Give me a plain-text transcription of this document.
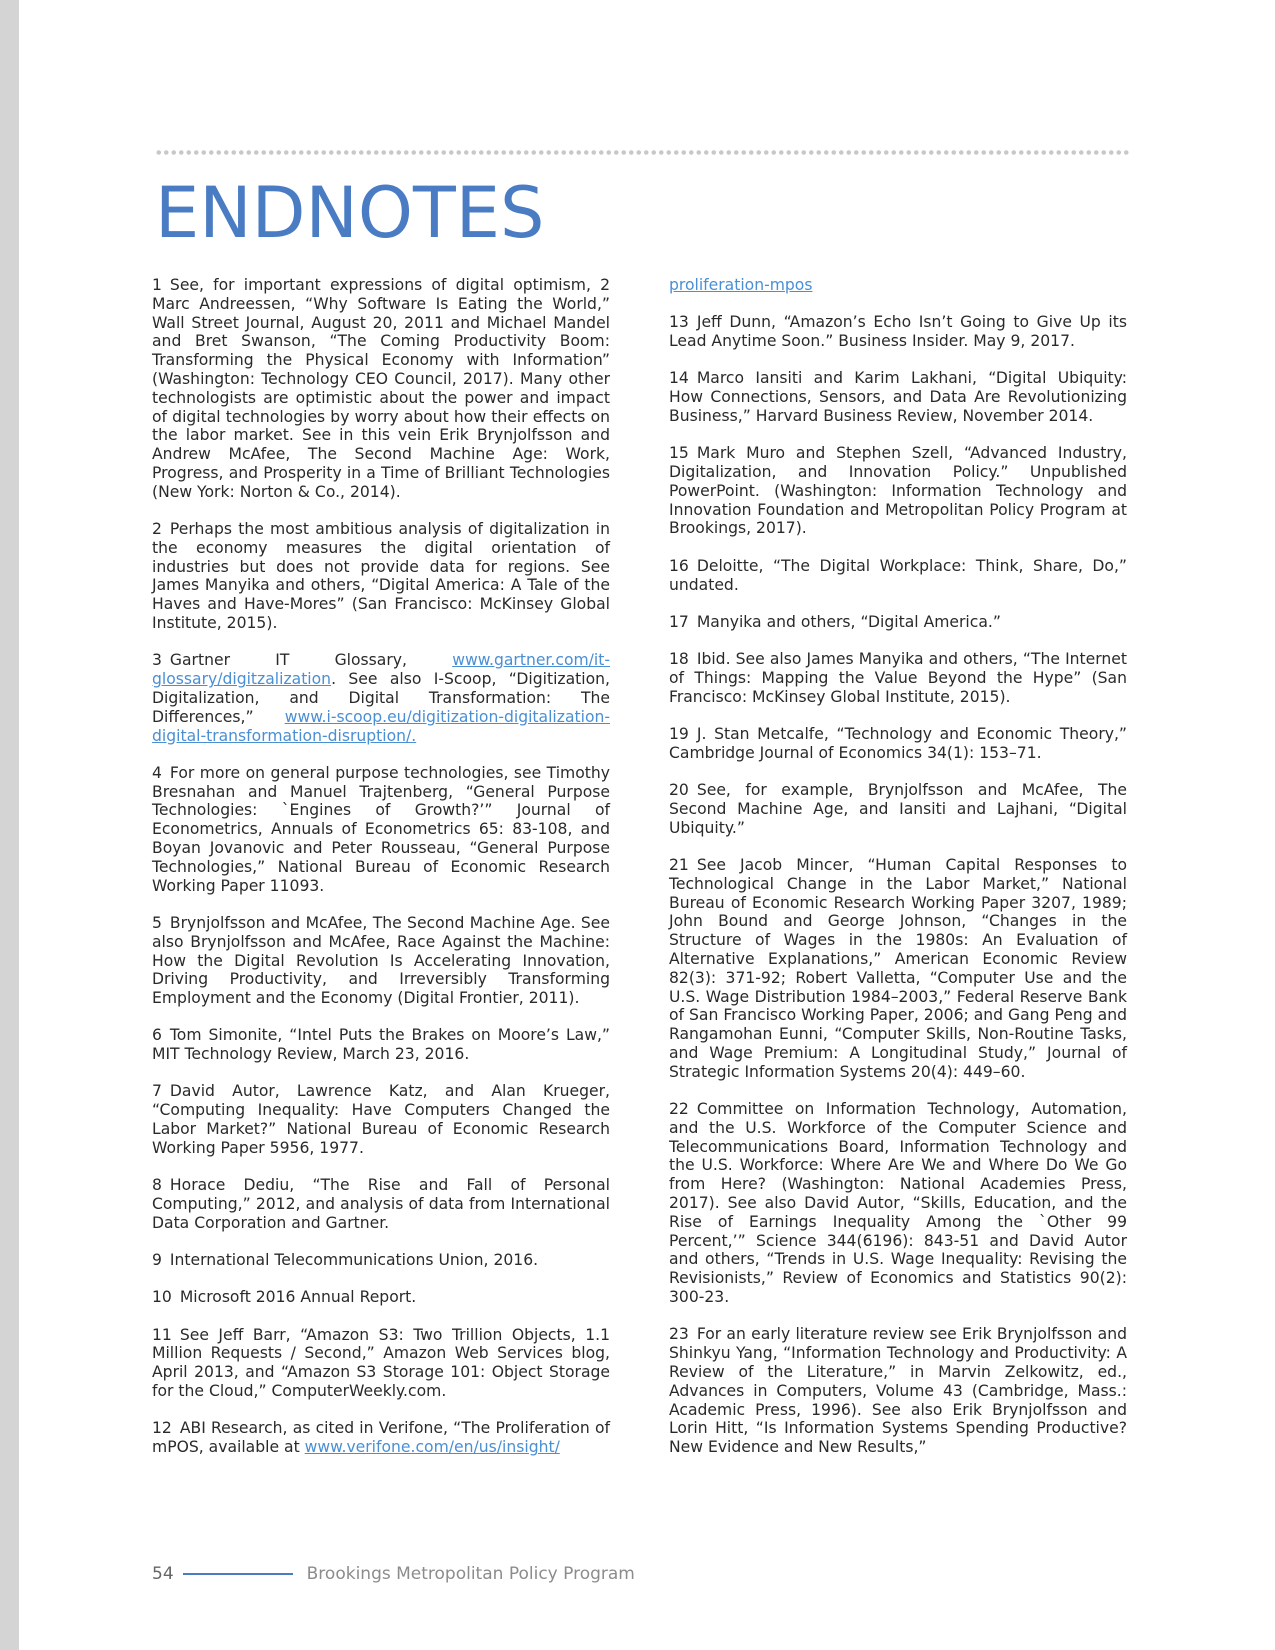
ENDNOTES

1 See, for important expressions of digital optimism, 2 Marc Andreessen, “Why Software Is Eating the World,” Wall Street Journal, August 20, 2011 and Michael Mandel and Bret Swanson, “The Coming Productivity Boom: Transforming the Physical Economy with Information” (Washington: Technology CEO Council, 2017). Many other technologists are optimistic about the power and impact of digital technologies by worry about how their effects on the labor market. See in this vein Erik Brynjolfsson and Andrew McAfee, The Second Machine Age: Work, Progress, and Prosperity in a Time of Brilliant Technologies (New York: Norton & Co., 2014).

2 Perhaps the most ambitious analysis of digitalization in the economy measures the digital orientation of industries but does not provide data for regions. See James Manyika and others, “Digital America: A Tale of the Haves and Have-Mores” (San Francisco: McKinsey Global Institute, 2015).

3 Gartner IT Glossary, www.gartner.com/it-glossary/digitzalization. See also I-Scoop, “Digitization, Digitalization, and Digital Transformation: The Differences,” www.i-scoop.eu/digitization-digitalization-digital-transformation-disruption/.

4 For more on general purpose technologies, see Timothy Bresnahan and Manuel Trajtenberg, “General Purpose Technologies: `Engines of Growth?’” Journal of Econometrics, Annuals of Econometrics 65: 83-108, and Boyan Jovanovic and Peter Rousseau, “General Purpose Technologies,” National Bureau of Economic Research Working Paper 11093.

5 Brynjolfsson and McAfee, The Second Machine Age. See also Brynjolfsson and McAfee, Race Against the Machine: How the Digital Revolution Is Accelerating Innovation, Driving Productivity, and Irreversibly Transforming Employment and the Economy (Digital Frontier, 2011).

6 Tom Simonite, “Intel Puts the Brakes on Moore’s Law,” MIT Technology Review, March 23, 2016.

7 David Autor, Lawrence Katz, and Alan Krueger, “Computing Inequality: Have Computers Changed the Labor Market?” National Bureau of Economic Research Working Paper 5956, 1977.

8 Horace Dediu, “The Rise and Fall of Personal Computing,” 2012, and analysis of data from International Data Corporation and Gartner.

9 International Telecommunications Union, 2016.

10 Microsoft 2016 Annual Report.

11 See Jeff Barr, “Amazon S3: Two Trillion Objects, 1.1 Million Requests / Second,” Amazon Web Services blog, April 2013, and “Amazon S3 Storage 101: Object Storage for the Cloud,” ComputerWeekly.com.

12 ABI Research, as cited in Verifone, “The Proliferation of mPOS, available at www.verifone.com/en/us/insight/

proliferation-mpos

13 Jeff Dunn, “Amazon’s Echo Isn’t Going to Give Up its Lead Anytime Soon.” Business Insider. May 9, 2017.

14 Marco Iansiti and Karim Lakhani, “Digital Ubiquity: How Connections, Sensors, and Data Are Revolutionizing Business,” Harvard Business Review, November 2014.

15 Mark Muro and Stephen Szell, “Advanced Industry, Digitalization, and Innovation Policy.” Unpublished PowerPoint. (Washington: Information Technology and Innovation Foundation and Metropolitan Policy Program at Brookings, 2017).

16 Deloitte, “The Digital Workplace: Think, Share, Do,” undated.

17 Manyika and others, “Digital America.”

18 Ibid. See also James Manyika and others, “The Internet of Things: Mapping the Value Beyond the Hype” (San Francisco: McKinsey Global Institute, 2015).

19 J. Stan Metcalfe, “Technology and Economic Theory,” Cambridge Journal of Economics 34(1): 153–71.

20 See, for example, Brynjolfsson and McAfee, The Second Machine Age, and Iansiti and Lajhani, “Digital Ubiquity.”

21 See Jacob Mincer, “Human Capital Responses to Technological Change in the Labor Market,” National Bureau of Economic Research Working Paper 3207, 1989; John Bound and George Johnson, “Changes in the Structure of Wages in the 1980s: An Evaluation of Alternative Explanations,” American Economic Review 82(3): 371-92; Robert Valletta, “Computer Use and the U.S. Wage Distribution 1984–2003,” Federal Reserve Bank of San Francisco Working Paper, 2006; and Gang Peng and Rangamohan Eunni, “Computer Skills, Non-Routine Tasks, and Wage Premium: A Longitudinal Study,” Journal of Strategic Information Systems 20(4): 449–60.

22 Committee on Information Technology, Automation, and the U.S. Workforce of the Computer Science and Telecommunications Board, Information Technology and the U.S. Workforce: Where Are We and Where Do We Go from Here? (Washington: National Academies Press, 2017). See also David Autor, “Skills, Education, and the Rise of Earnings Inequality Among the `Other 99 Percent,’” Science 344(6196): 843-51 and David Autor and others, “Trends in U.S. Wage Inequality: Revising the Revisionists,” Review of Economics and Statistics 90(2): 300-23.

23 For an early literature review see Erik Brynjolfsson and Shinkyu Yang, “Information Technology and Productivity: A Review of the Literature,” in Marvin Zelkowitz, ed., Advances in Computers, Volume 43 (Cambridge, Mass.: Academic Press, 1996). See also Erik Brynjolfsson and Lorin Hitt, “Is Information Systems Spending Productive? New Evidence and New Results,”

54	Brookings Metropolitan Policy Program
